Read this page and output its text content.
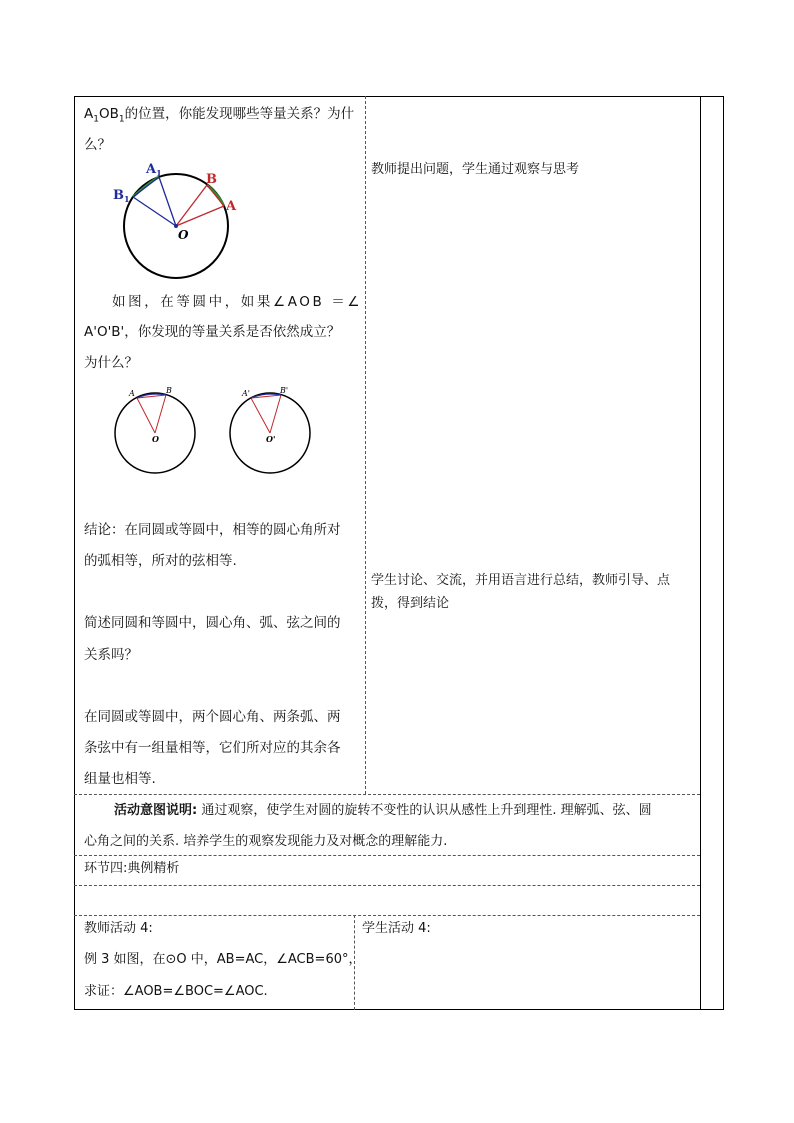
$A_1OB_1$的位置，你能发现哪些等量关系？为什
么？
$A_1$
$B_1$
B
A
O
如图，在等圆中，如果∠AOB ＝∠
A'O'B'，你发现的等量关系是否依然成立？
为什么？
A	B
O
A'	B'
O'
结论：在同圆或等圆中，相等的圆心角所对
的弧相等，所对的弦相等.
简述同圆和等圆中，圆心角、弧、弦之间的
关系吗？
在同圆或等圆中，两个圆心角、两条弧、两
条弦中有一组量相等，它们所对应的其余各
组量也相等.
教师提出问题，学生通过观察与思考
学生讨论、交流，并用语言进行总结，教师引导、点
拨，得到结论
活动意图说明: 通过观察，使学生对圆的旋转不变性的认识从感性上升到理性. 理解弧、弦、圆
心角之间的关系. 培养学生的观察发现能力及对概念的理解能力.
环节四:典例精析
教师活动 4:
例 3 如图，在⊙O 中，AB=AC，∠ACB=60°，
求证：∠AOB=∠BOC=∠AOC.
学生活动 4:
